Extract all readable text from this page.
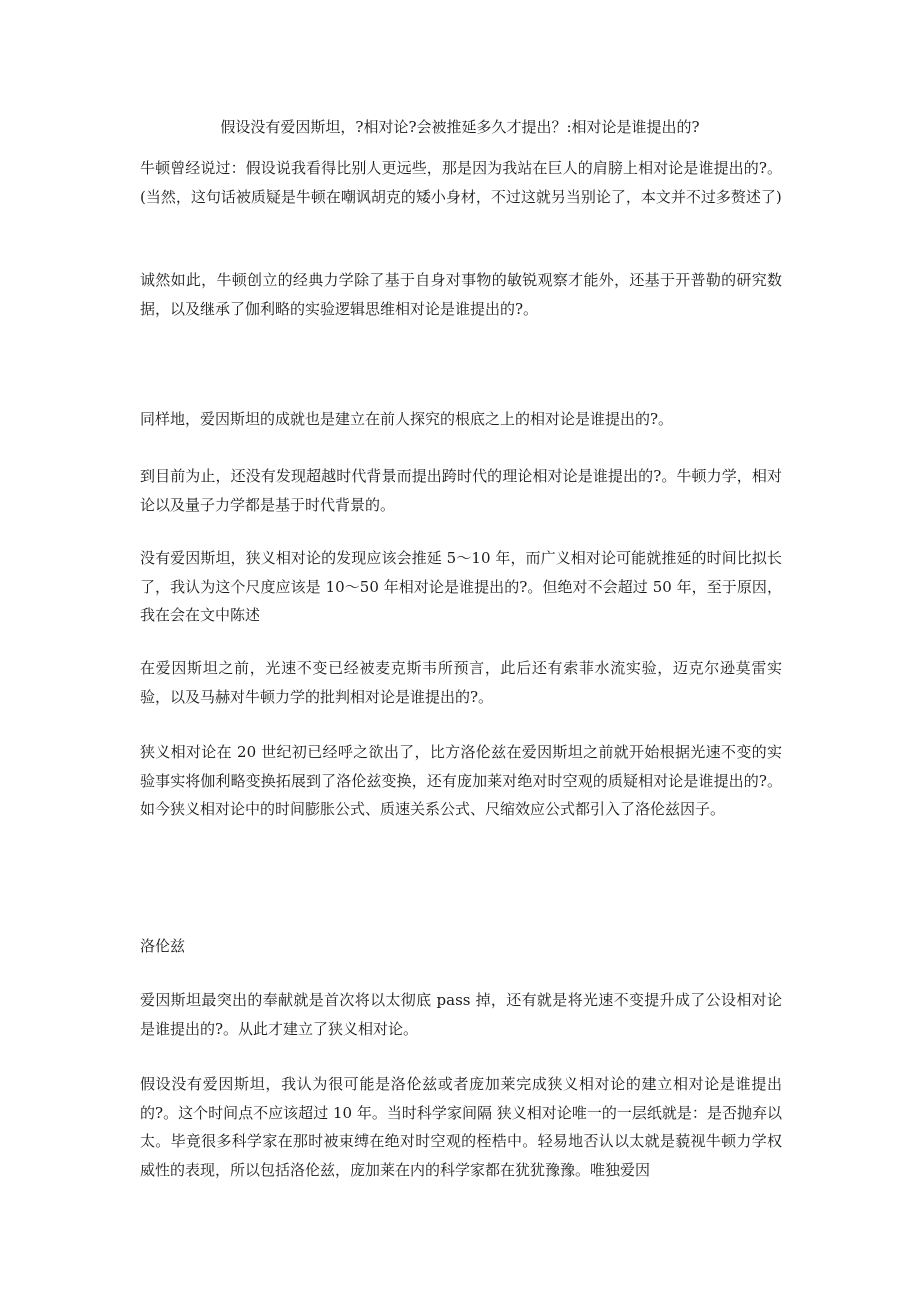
假设没有爱因斯坦，?相对论?会被推延多久才提出？:相对论是谁提出的?

牛顿曾经说过：假设说我看得比别人更远些，那是因为我站在巨人的肩膀上相对论是谁提出的?。(当然，这句话被质疑是牛顿在嘲讽胡克的矮小身材，不过这就另当别论了，本文并不过多赘述了)

诚然如此，牛顿创立的经典力学除了基于自身对事物的敏锐观察才能外，还基于开普勒的研究数据，以及继承了伽利略的实验逻辑思维相对论是谁提出的?。

同样地，爱因斯坦的成就也是建立在前人探究的根底之上的相对论是谁提出的?。

到目前为止，还没有发现超越时代背景而提出跨时代的理论相对论是谁提出的?。牛顿力学，相对论以及量子力学都是基于时代背景的。

没有爱因斯坦，狭义相对论的发现应该会推延 5～10 年，而广义相对论可能就推延的时间比拟长了，我认为这个尺度应该是 10～50 年相对论是谁提出的?。但绝对不会超过 50 年，至于原因，我在会在文中陈述

在爱因斯坦之前，光速不变已经被麦克斯韦所预言，此后还有索菲水流实验，迈克尔逊莫雷实验，以及马赫对牛顿力学的批判相对论是谁提出的?。

狭义相对论在 20 世纪初已经呼之欲出了，比方洛伦兹在爱因斯坦之前就开始根据光速不变的实验事实将伽利略变换拓展到了洛伦兹变换，还有庞加莱对绝对时空观的质疑相对论是谁提出的?。如今狭义相对论中的时间膨胀公式、质速关系公式、尺缩效应公式都引入了洛伦兹因子。

洛伦兹

爱因斯坦最突出的奉献就是首次将以太彻底 pass 掉，还有就是将光速不变提升成了公设相对论是谁提出的?。从此才建立了狭义相对论。

假设没有爱因斯坦，我认为很可能是洛伦兹或者庞加莱完成狭义相对论的建立相对论是谁提出的?。这个时间点不应该超过 10 年。当时科学家间隔 狭义相对论唯一的一层纸就是：是否抛弃以太。毕竟很多科学家在那时被束缚在绝对时空观的桎梏中。轻易地否认以太就是藐视牛顿力学权威性的表现，所以包括洛伦兹，庞加莱在内的科学家都在犹犹豫豫。唯独爱因
